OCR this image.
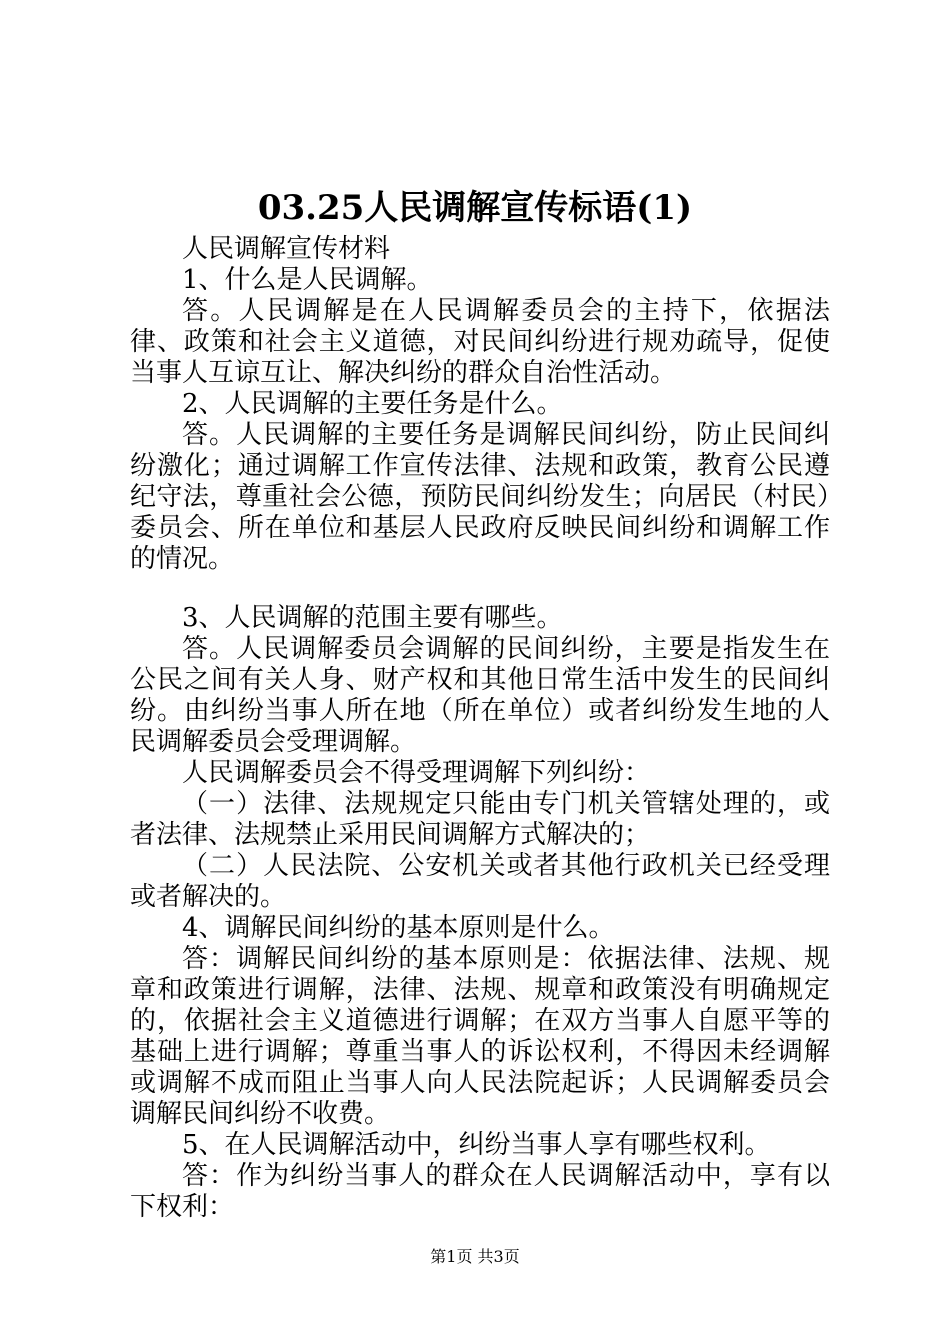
03.25人民调解宣传标语(1)

人民调解宣传材料

1、什么是人民调解。

答。人民调解是在人民调解委员会的主持下，依据法律、政策和社会主义道德，对民间纠纷进行规劝疏导，促使当事人互谅互让、解决纠纷的群众自治性活动。

2、人民调解的主要任务是什么。

答。人民调解的主要任务是调解民间纠纷，防止民间纠纷激化；通过调解工作宣传法律、法规和政策，教育公民遵纪守法，尊重社会公德，预防民间纠纷发生；向居民（村民）委员会、所在单位和基层人民政府反映民间纠纷和调解工作的情况。

3、人民调解的范围主要有哪些。

答。人民调解委员会调解的民间纠纷，主要是指发生在公民之间有关人身、财产权和其他日常生活中发生的民间纠纷。由纠纷当事人所在地（所在单位）或者纠纷发生地的人民调解委员会受理调解。

人民调解委员会不得受理调解下列纠纷：

（一）法律、法规规定只能由专门机关管辖处理的，或者法律、法规禁止采用民间调解方式解决的；

（二）人民法院、公安机关或者其他行政机关已经受理或者解决的。

4、调解民间纠纷的基本原则是什么。

答：调解民间纠纷的基本原则是：依据法律、法规、规章和政策进行调解，法律、法规、规章和政策没有明确规定的，依据社会主义道德进行调解；在双方当事人自愿平等的基础上进行调解；尊重当事人的诉讼权利，不得因未经调解或调解不成而阻止当事人向人民法院起诉；人民调解委员会调解民间纠纷不收费。

5、在人民调解活动中，纠纷当事人享有哪些权利。

答：作为纠纷当事人的群众在人民调解活动中，享有以下权利：

第1页 共3页
